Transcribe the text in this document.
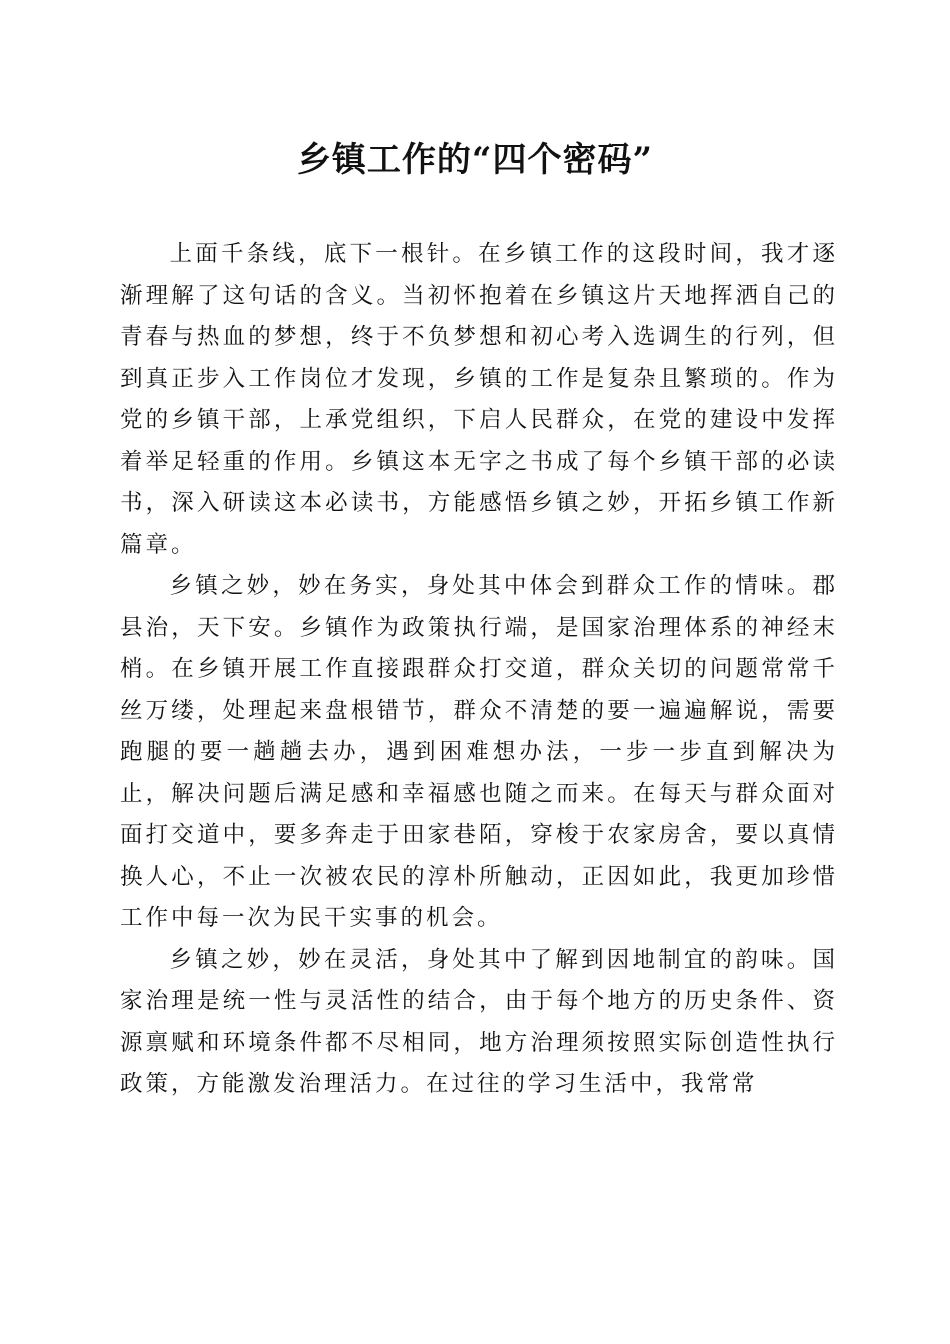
乡镇工作的“四个密码”

上面千条线，底下一根针。在乡镇工作的这段时间，我才逐渐理解了这句话的含义。当初怀抱着在乡镇这片天地挥洒自己的青春与热血的梦想，终于不负梦想和初心考入选调生的行列，但到真正步入工作岗位才发现，乡镇的工作是复杂且繁琐的。作为党的乡镇干部，上承党组织，下启人民群众，在党的建设中发挥着举足轻重的作用。乡镇这本无字之书成了每个乡镇干部的必读书，深入研读这本必读书，方能感悟乡镇之妙，开拓乡镇工作新篇章。

乡镇之妙，妙在务实，身处其中体会到群众工作的情味。郡县治，天下安。乡镇作为政策执行端，是国家治理体系的神经末梢。在乡镇开展工作直接跟群众打交道，群众关切的问题常常千丝万缕，处理起来盘根错节，群众不清楚的要一遍遍解说，需要跑腿的要一趟趟去办，遇到困难想办法，一步一步直到解决为止，解决问题后满足感和幸福感也随之而来。在每天与群众面对面打交道中，要多奔走于田家巷陌，穿梭于农家房舍，要以真情换人心，不止一次被农民的淳朴所触动，正因如此，我更加珍惜工作中每一次为民干实事的机会。

乡镇之妙，妙在灵活，身处其中了解到因地制宜的韵味。国家治理是统一性与灵活性的结合，由于每个地方的历史条件、资源禀赋和环境条件都不尽相同，地方治理须按照实际创造性执行政策，方能激发治理活力。在过往的学习生活中，我常常
